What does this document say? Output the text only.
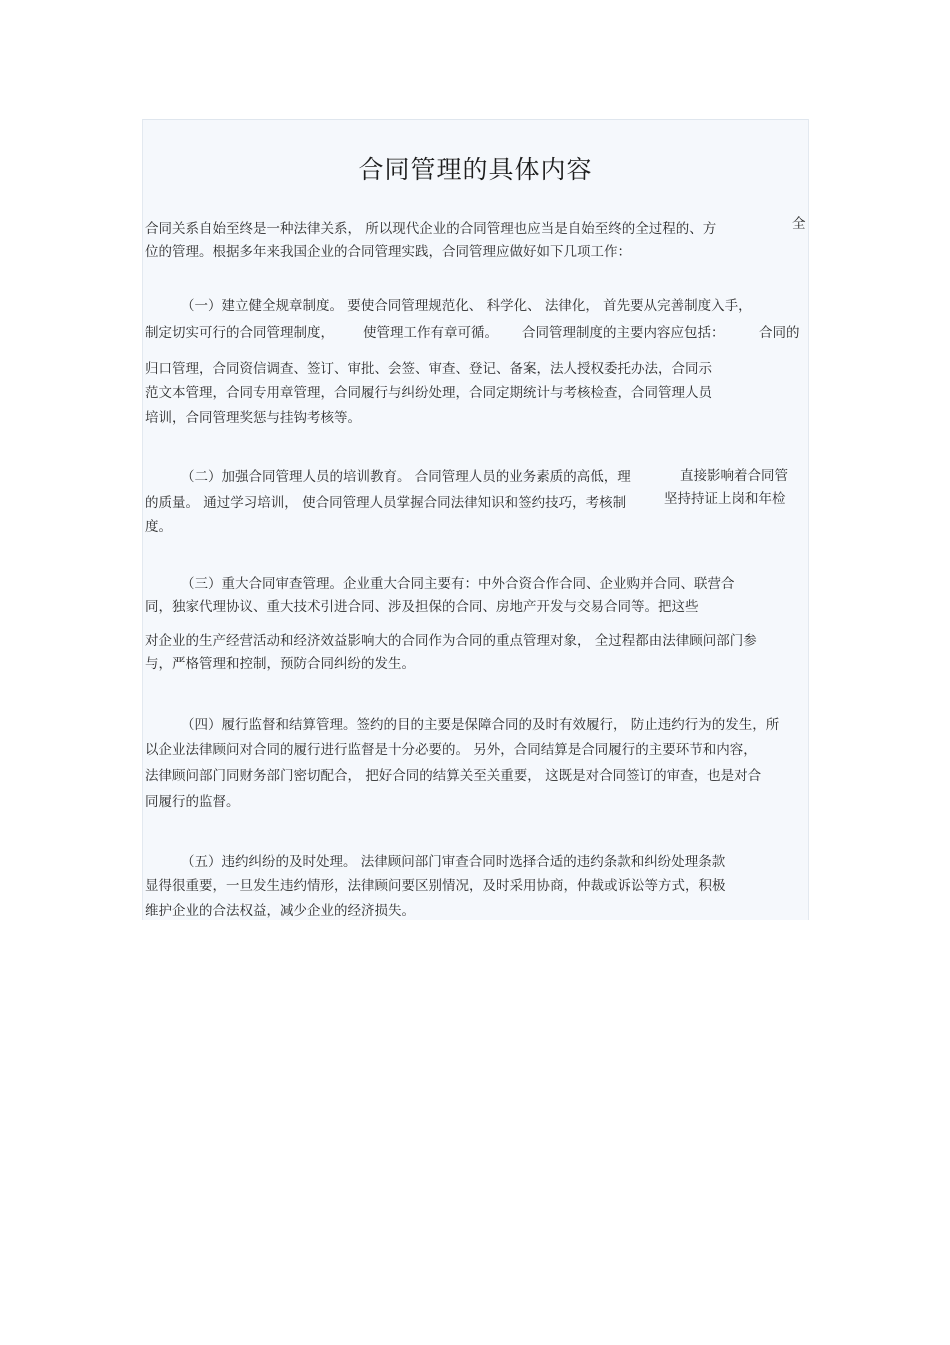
合同管理的具体内容
合同关系自始至终是一种法律关系， 所以现代企业的合同管理也应当是自始至终的全过程的、方	全
位的管理。根据多年来我国企业的合同管理实践，合同管理应做好如下几项工作：
（一）建立健全规章制度。 要使合同管理规范化、 科学化、 法律化， 首先要从完善制度入手，
制定切实可行的合同管理制度， 使管理工作有章可循。 合同管理制度的主要内容应包括：	合同的
归口管理，合同资信调查、签订、审批、会签、审查、登记、备案，法人授权委托办法，合同示
范文本管理，合同专用章管理，合同履行与纠纷处理，合同定期统计与考核检查，合同管理人员
培训，合同管理奖惩与挂钩考核等。
（二）加强合同管理人员的培训教育。 合同管理人员的业务素质的高低，理	直接影响着合同管
的质量。 通过学习培训， 使合同管理人员掌握合同法律知识和签约技巧，考核制	坚持持证上岗和年检
度。
（三）重大合同审查管理。企业重大合同主要有：中外合资合作合同、企业购并合同、联营合
同，独家代理协议、重大技术引进合同、涉及担保的合同、房地产开发与交易合同等。把这些
对企业的生产经营活动和经济效益影响大的合同作为合同的重点管理对象， 全过程都由法律顾问部门参
与，严格管理和控制，预防合同纠纷的发生。
（四）履行监督和结算管理。签约的目的主要是保障合同的及时有效履行， 防止违约行为的发生，所
以企业法律顾问对合同的履行进行监督是十分必要的。 另外，合同结算是合同履行的主要环节和内容，
法律顾问部门同财务部门密切配合， 把好合同的结算关至关重要， 这既是对合同签订的审查，也是对合
同履行的监督。
（五）违约纠纷的及时处理。 法律顾问部门审查合同时选择合适的违约条款和纠纷处理条款
显得很重要，一旦发生违约情形，法律顾问要区别情况，及时采用协商，仲裁或诉讼等方式，积极
维护企业的合法权益，减少企业的经济损失。
